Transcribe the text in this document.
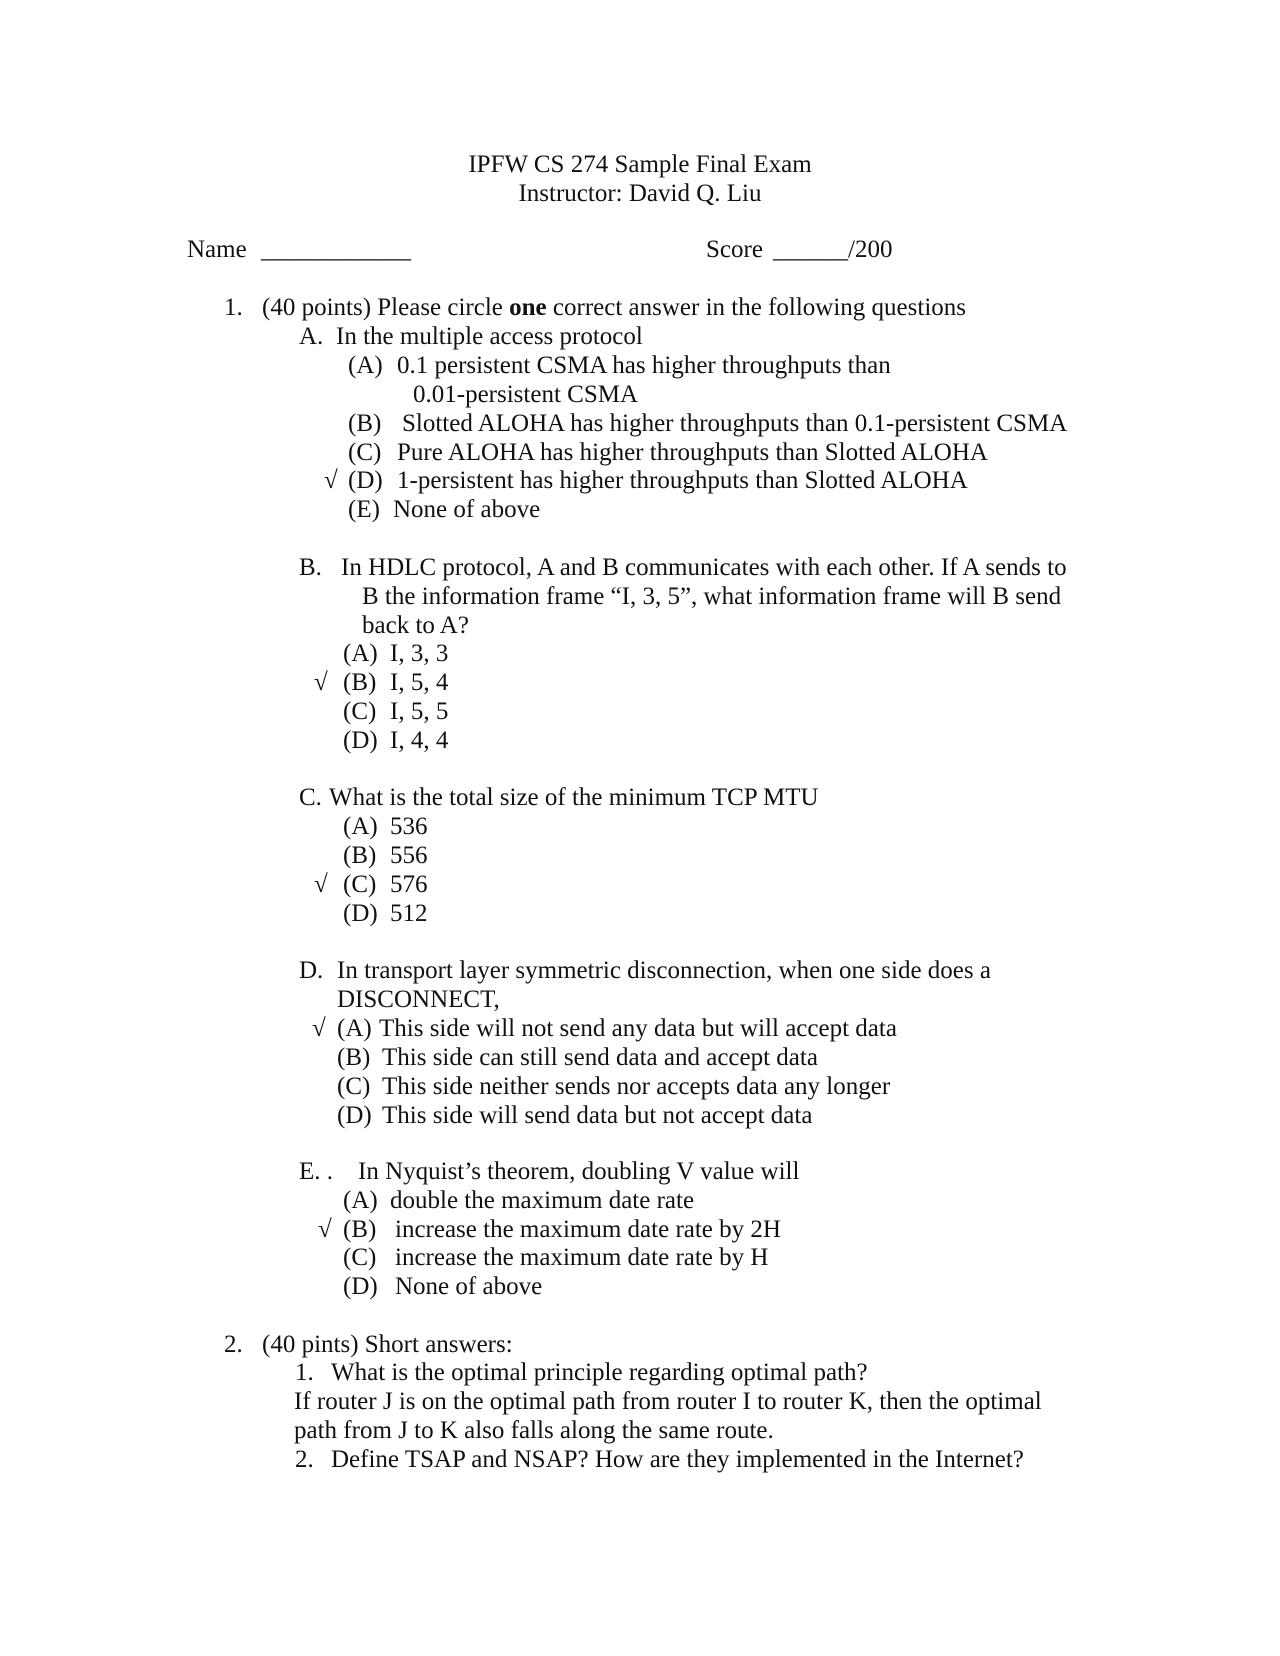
IPFW CS 274 Sample Final Exam
Instructor: David Q. Liu
Name ____________	Score ______/200
1. (40 points) Please circle one correct answer in the following questions
A. In the multiple access protocol
(A) 0.1 persistent CSMA has higher throughputs than
0.01-persistent CSMA
(B) Slotted ALOHA has higher throughputs than 0.1-persistent CSMA
(C) Pure ALOHA has higher throughputs than Slotted ALOHA
√ (D) 1-persistent has higher throughputs than Slotted ALOHA
(E) None of above
B. In HDLC protocol, A and B communicates with each other. If A sends to
B the information frame “I, 3, 5”, what information frame will B send
back to A?
(A) I, 3, 3
√ (B) I, 5, 4
(C) I, 5, 5
(D) I, 4, 4
C. What is the total size of the minimum TCP MTU
(A) 536
(B) 556
√ (C) 576
(D) 512
D. In transport layer symmetric disconnection, when one side does a
DISCONNECT,
√ (A) This side will not send any data but will accept data
(B) This side can still send data and accept data
(C) This side neither sends nor accepts data any longer
(D) This side will send data but not accept data
E. . In Nyquist’s theorem, doubling V value will
(A) double the maximum date rate
√ (B) increase the maximum date rate by 2H
(C) increase the maximum date rate by H
(D) None of above
2. (40 pints) Short answers:
1. What is the optimal principle regarding optimal path?
If router J is on the optimal path from router I to router K, then the optimal
path from J to K also falls along the same route.
2. Define TSAP and NSAP? How are they implemented in the Internet?
